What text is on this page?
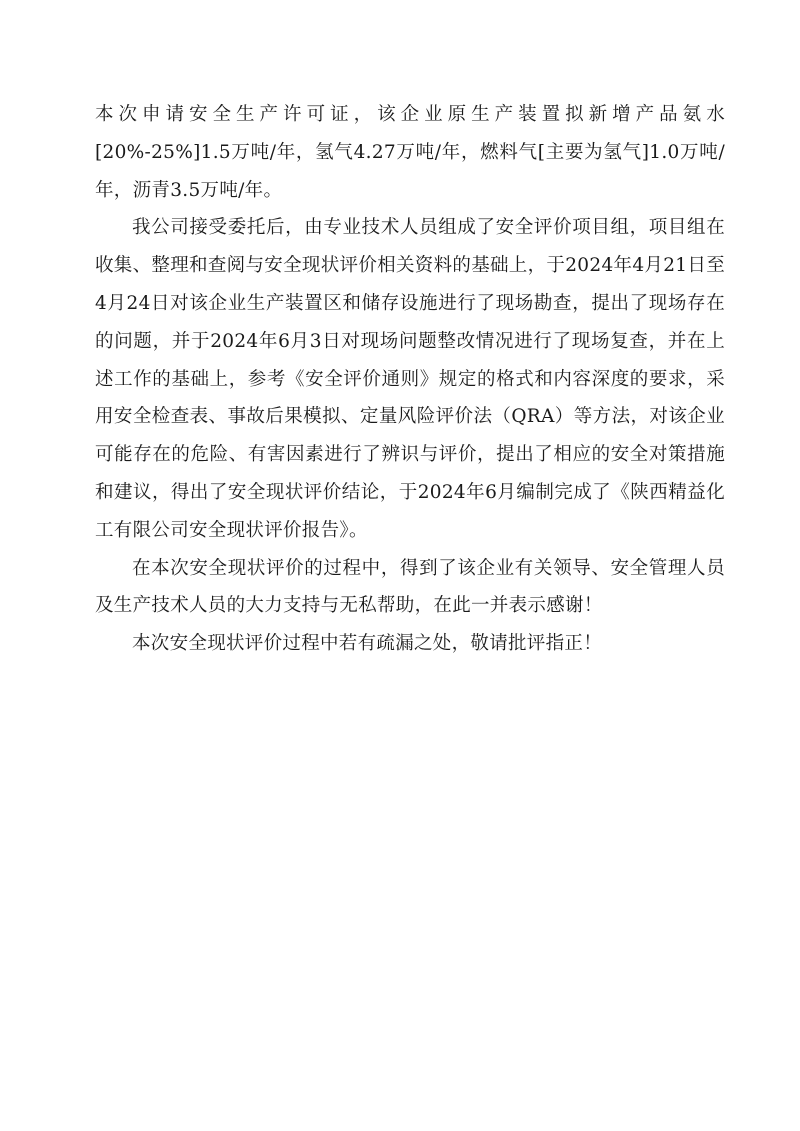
本次申请安全生产许可证，该企业原生产装置拟新增产品氨水[20%-25%]1.5万吨/年，氢气4.27万吨/年，燃料气[主要为氢气]1.0万吨/年，沥青3.5万吨/年。

我公司接受委托后，由专业技术人员组成了安全评价项目组，项目组在收集、整理和查阅与安全现状评价相关资料的基础上，于2024年4月21日至4月24日对该企业生产装置区和储存设施进行了现场勘查，提出了现场存在的问题，并于2024年6月3日对现场问题整改情况进行了现场复查，并在上述工作的基础上，参考《安全评价通则》规定的格式和内容深度的要求，采用安全检查表、事故后果模拟、定量风险评价法（QRA）等方法，对该企业可能存在的危险、有害因素进行了辨识与评价，提出了相应的安全对策措施和建议，得出了安全现状评价结论，于2024年6月编制完成了《陕西精益化工有限公司安全现状评价报告》。

在本次安全现状评价的过程中，得到了该企业有关领导、安全管理人员及生产技术人员的大力支持与无私帮助，在此一并表示感谢！

本次安全现状评价过程中若有疏漏之处，敬请批评指正！
